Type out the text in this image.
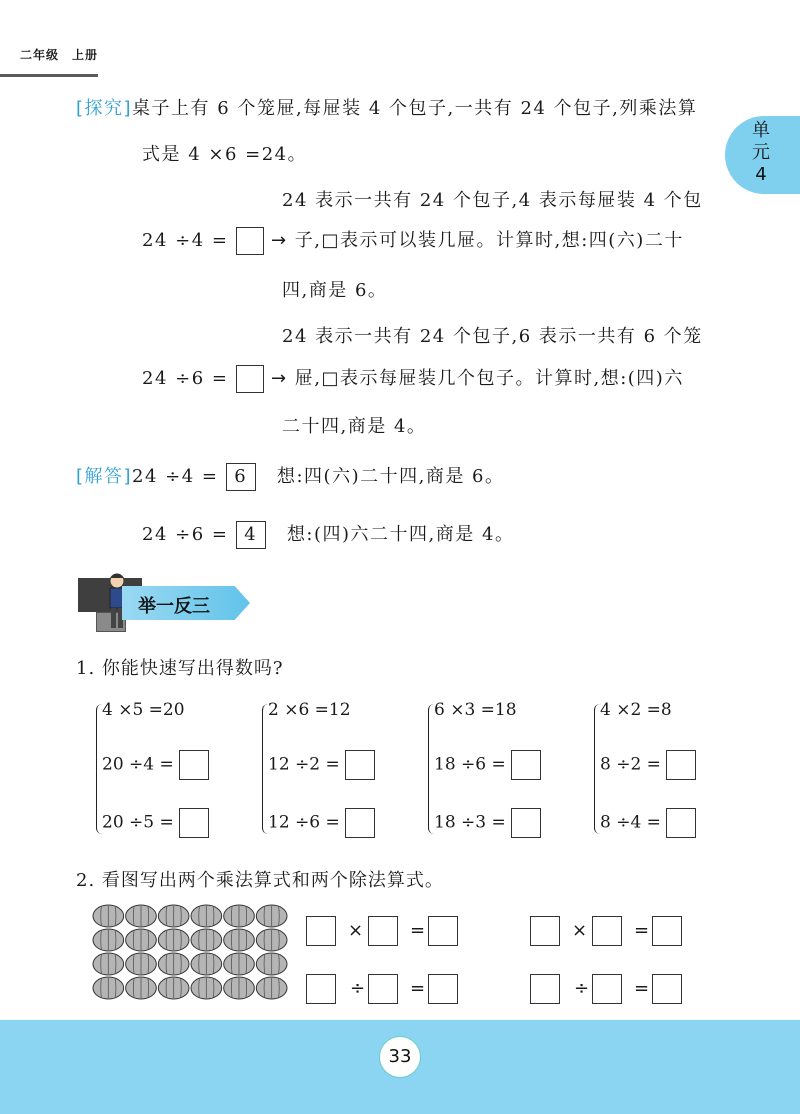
二年级　上册
单
元
4
[探究]桌子上有 6 个笼屉,每屉装 4 个包子,一共有 24 个包子,列乘法算
式是 4 ×6 =24。
24 表示一共有 24 个包子,4 表示每屉装 4 个包
24 ÷4 = → 子,□表示可以装几屉。计算时,想:四(六)二十
四,商是 6。
24 表示一共有 24 个包子,6 表示一共有 6 个笼
24 ÷6 = → 屉,□表示每屉装几个包子。计算时,想:(四)六
二十四,商是 4。
[解答]24 ÷4 = 6 想:四(六)二十四,商是 6。
24 ÷6 = 4 想:(四)六二十四,商是 4。
举一反三
1. 你能快速写出得数吗?
4 ×5 =20
20 ÷4 =
20 ÷5 =
2 ×6 =12
12 ÷2 =
12 ÷6 =
6 ×3 =18
18 ÷6 =
18 ÷3 =
4 ×2 =8
8 ÷2 =
8 ÷4 =
2. 看图写出两个乘法算式和两个除法算式。
×	=
÷ =
×	=
÷ =
33
